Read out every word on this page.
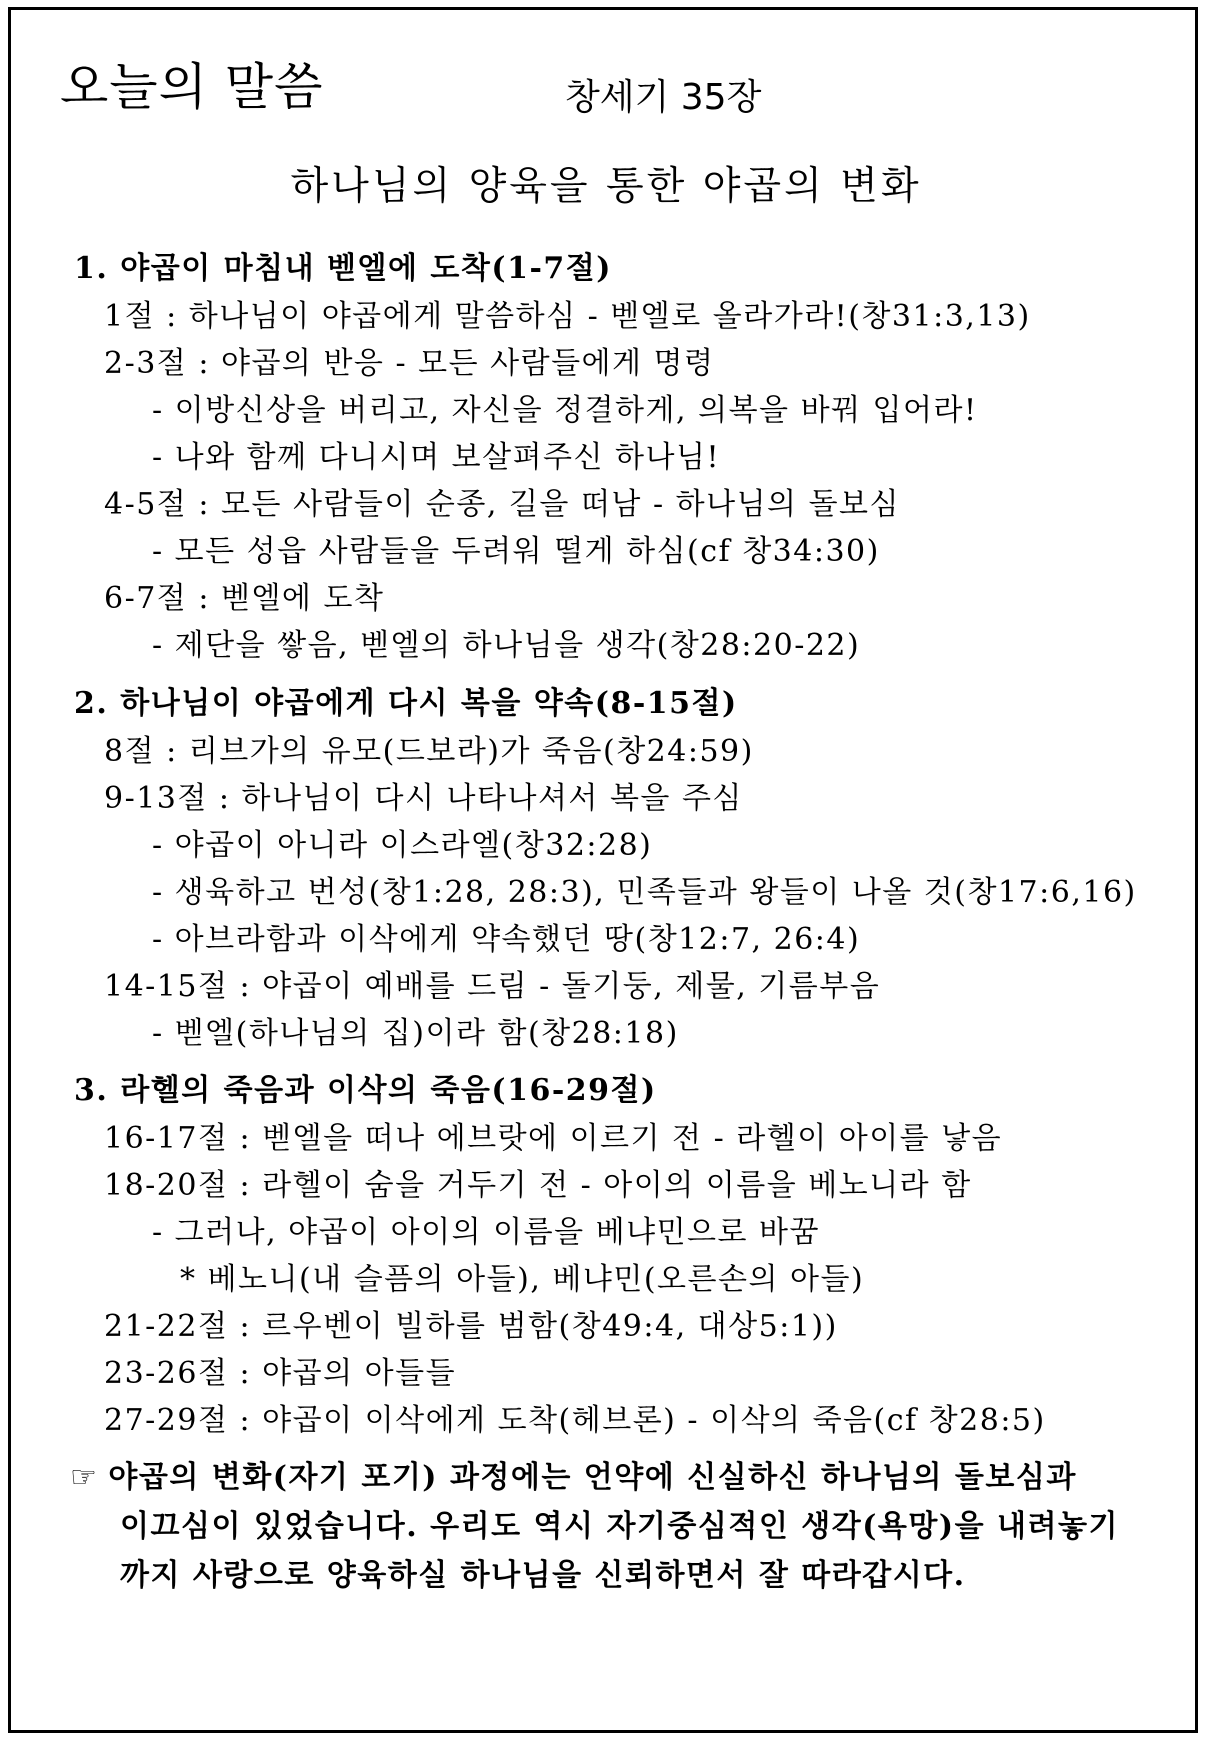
오늘의 말씀	창세기 35장
하나님의 양육을 통한 야곱의 변화
1. 야곱이 마침내 벧엘에 도착(1-7절)
1절 : 하나님이 야곱에게 말씀하심 - 벧엘로 올라가라!(창31:3,13)
2-3절 : 야곱의 반응 - 모든 사람들에게 명령
- 이방신상을 버리고, 자신을 정결하게, 의복을 바꿔 입어라!
- 나와 함께 다니시며 보살펴주신 하나님!
4-5절 : 모든 사람들이 순종, 길을 떠남 - 하나님의 돌보심
- 모든 성읍 사람들을 두려워 떨게 하심(cf 창34:30)
6-7절 : 벧엘에 도착
- 제단을 쌓음, 벧엘의 하나님을 생각(창28:20-22)
2. 하나님이 야곱에게 다시 복을 약속(8-15절)
8절 : 리브가의 유모(드보라)가 죽음(창24:59)
9-13절 : 하나님이 다시 나타나셔서 복을 주심
- 야곱이 아니라 이스라엘(창32:28)
- 생육하고 번성(창1:28, 28:3), 민족들과 왕들이 나올 것(창17:6,16)
- 아브라함과 이삭에게 약속했던 땅(창12:7, 26:4)
14-15절 : 야곱이 예배를 드림 - 돌기둥, 제물, 기름부음
- 벧엘(하나님의 집)이라 함(창28:18)
3. 라헬의 죽음과 이삭의 죽음(16-29절)
16-17절 : 벧엘을 떠나 에브랏에 이르기 전 - 라헬이 아이를 낳음
18-20절 : 라헬이 숨을 거두기 전 - 아이의 이름을 베노니라 함
- 그러나, 야곱이 아이의 이름을 베냐민으로 바꿈
* 베노니(내 슬픔의 아들), 베냐민(오른손의 아들)
21-22절 : 르우벤이 빌하를 범함(창49:4, 대상5:1))
23-26절 : 야곱의 아들들
27-29절 : 야곱이 이삭에게 도착(헤브론) - 이삭의 죽음(cf 창28:5)
☞ 야곱의 변화(자기 포기) 과정에는 언약에 신실하신 하나님의 돌보심과
이끄심이 있었습니다. 우리도 역시 자기중심적인 생각(욕망)을 내려놓기
까지 사랑으로 양육하실 하나님을 신뢰하면서 잘 따라갑시다.
